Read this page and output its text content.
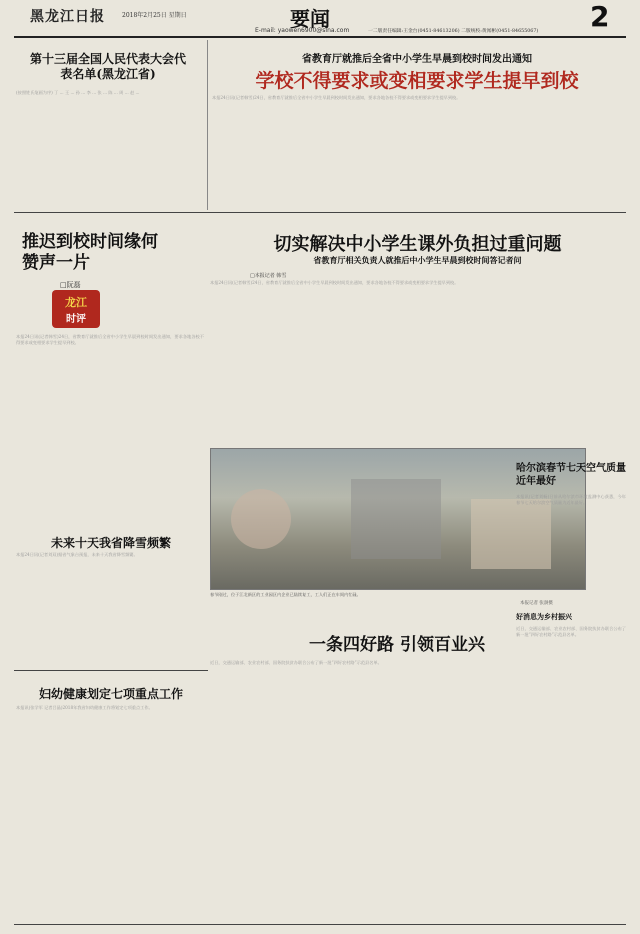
黑龙江日报	2018年2月25日 星期日	要闻
E-mail: yaowen6900@sina.com	2
一二版责任编辑:王金台(0451-84613206) 二版统校:黄闻彬(0451-84655067)
第十三届全国人民代表大会代表名单(黑龙江省)
(按照姓氏笔画为序) 丁 ... 王 ... 孙 ... 李 ... 张 ... 陈 ... 周 ... 赵 ...
省教育厅就推后全省中小学生早晨到校时间发出通知
学校不得要求或变相要求学生提早到校
本报24日讯(记者韩雪)24日，省教育厅就推后全省中小学生早晨到校时间发出通知，要求各地各校不得要求或变相要求学生提早到校。
推迟到校时间缘何赞声一片
□阮磊
龙江
时评
本报24日讯(记者韩雪)24日，省教育厅就推后全省中小学生早晨到校时间发出通知，要求各地各校不得要求或变相要求学生提早到校。
切实解决中小学生课外负担过重问题
省教育厅相关负责人就推后中小学生早晨到校时间答记者问
□本报记者 韩雪
本报24日讯(记者韩雪)24日，省教育厅就推后全省中小学生早晨到校时间发出通知，要求各地各校不得要求或变相要求学生提早到校。
春节刚过，位于江北新区的工业园区内企业已陆续复工，工人们正在车间内忙碌。
本报记者 张澍摄
哈尔滨春节七天空气质量近年最好
本报讯(记者刘畅)日前从哈尔滨市环境监测中心获悉，今年春节七天哈尔滨空气质量为近年最好。
未来十天我省降雪频繁
本报24日讯(记者刘双)据省气象台预报，未来十天我省降雪频繁。
妇幼健康划定七项重点工作
本报讯(张学军 记者吕晶)2018年我省妇幼健康工作将划定七项重点工作。
一条四好路 引领百业兴
近日，交通运输部、农业农村部、国务院扶贫办联合公布了新一批“四好农村路”示范县名单。
好消息为乡村振兴
近日，交通运输部、农业农村部、国务院扶贫办联合公布了新一批“四好农村路”示范县名单。
